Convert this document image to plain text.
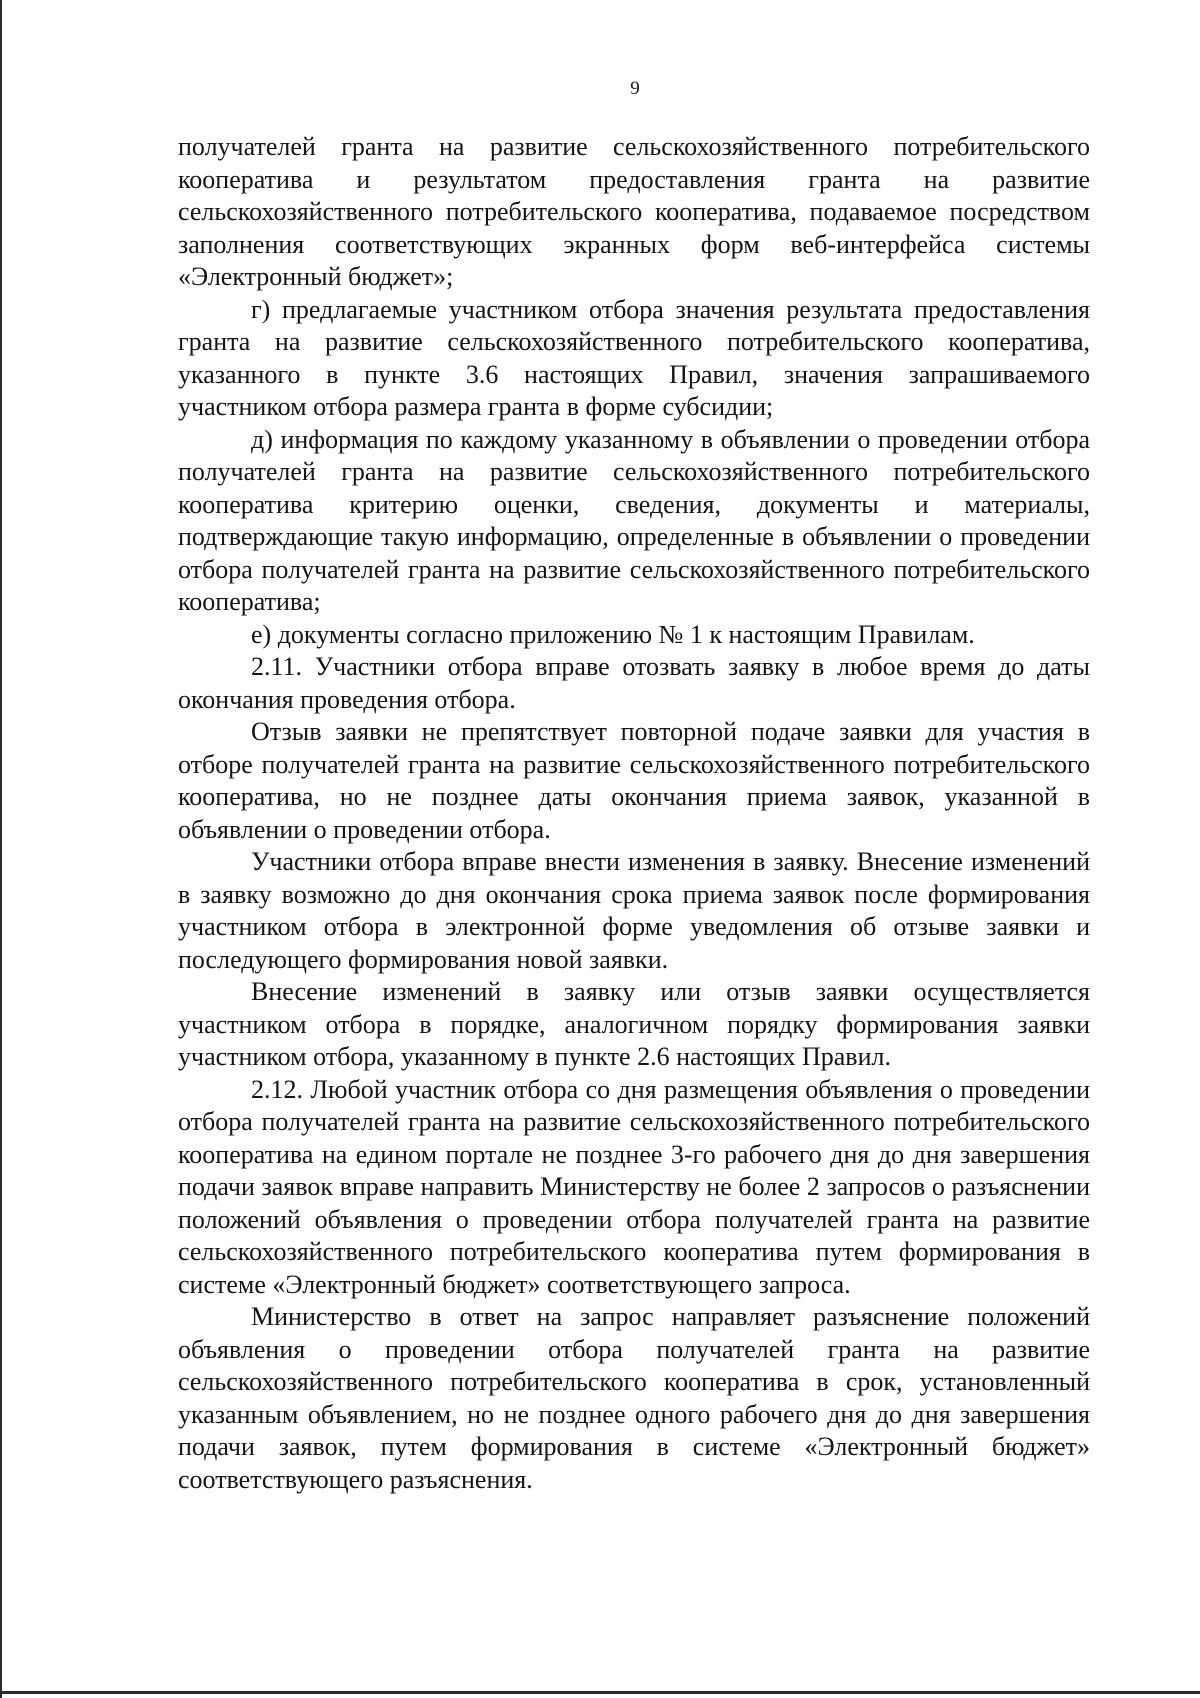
9

получателей гранта на развитие сельскохозяйственного потребительского кооператива и результатом предоставления гранта на развитие сельскохозяйственного потребительского кооператива, подаваемое посредством заполнения соответствующих экранных форм веб-интерфейса системы «Электронный бюджет»;

г) предлагаемые участником отбора значения результата предоставления гранта на развитие сельскохозяйственного потребительского кооператива, указанного в пункте 3.6 настоящих Правил, значения запрашиваемого участником отбора размера гранта в форме субсидии;

д) информация по каждому указанному в объявлении о проведении отбора получателей гранта на развитие сельскохозяйственного потребительского кооператива критерию оценки, сведения, документы и материалы, подтверждающие такую информацию, определенные в объявлении о проведении отбора получателей гранта на развитие сельскохозяйственного потребительского кооператива;

е) документы согласно приложению № 1 к настоящим Правилам.

2.11. Участники отбора вправе отозвать заявку в любое время до даты окончания проведения отбора.

Отзыв заявки не препятствует повторной подаче заявки для участия в отборе получателей гранта на развитие сельскохозяйственного потребительского кооператива, но не позднее даты окончания приема заявок, указанной в объявлении о проведении отбора.

Участники отбора вправе внести изменения в заявку. Внесение изменений в заявку возможно до дня окончания срока приема заявок после формирования участником отбора в электронной форме уведомления об отзыве заявки и последующего формирования новой заявки.

Внесение изменений в заявку или отзыв заявки осуществляется участником отбора в порядке, аналогичном порядку формирования заявки участником отбора, указанному в пункте 2.6 настоящих Правил.

2.12. Любой участник отбора со дня размещения объявления о проведении отбора получателей гранта на развитие сельскохозяйственного потребительского кооператива на едином портале не позднее 3-го рабочего дня до дня завершения подачи заявок вправе направить Министерству не более 2 запросов о разъяснении положений объявления о проведении отбора получателей гранта на развитие сельскохозяйственного потребительского кооператива путем формирования в системе «Электронный бюджет» соответствующего запроса.

Министерство в ответ на запрос направляет разъяснение положений объявления о проведении отбора получателей гранта на развитие сельскохозяйственного потребительского кооператива в срок, установленный указанным объявлением, но не позднее одного рабочего дня до дня завершения подачи заявок, путем формирования в системе «Электронный бюджет» соответствующего разъяснения.
